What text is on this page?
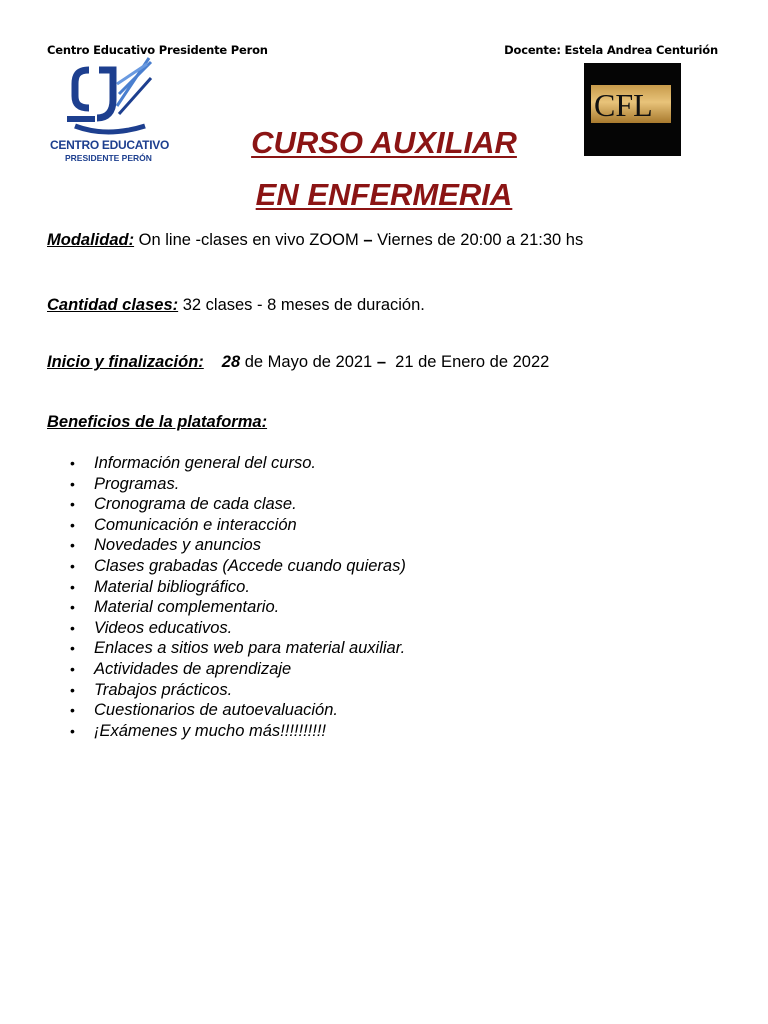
Centro Educativo Presidente Peron	Docente: Estela Andrea Centurión
CENTRO EDUCATIVO
PRESIDENTE PERÓN
CFL
CURSO AUXILIAR
EN ENFERMERIA
Modalidad: On line -clases en vivo ZOOM – Viernes de 20:00 a 21:30 hs
Cantidad clases: 32 clases - 8 meses de duración.
Inicio y finalización: 28 de Mayo de 2021 –  21 de Enero de 2022
Beneficios de la plataforma:
• Información general del curso.
• Programas.
• Cronograma de cada clase.
• Comunicación e interacción
• Novedades y anuncios
• Clases grabadas (Accede cuando quieras)
• Material bibliográfico.
• Material complementario.
• Videos educativos.
• Enlaces a sitios web para material auxiliar.
• Actividades de aprendizaje
• Trabajos prácticos.
• Cuestionarios de autoevaluación.
• ¡Exámenes y mucho más!!!!!!!!!!
